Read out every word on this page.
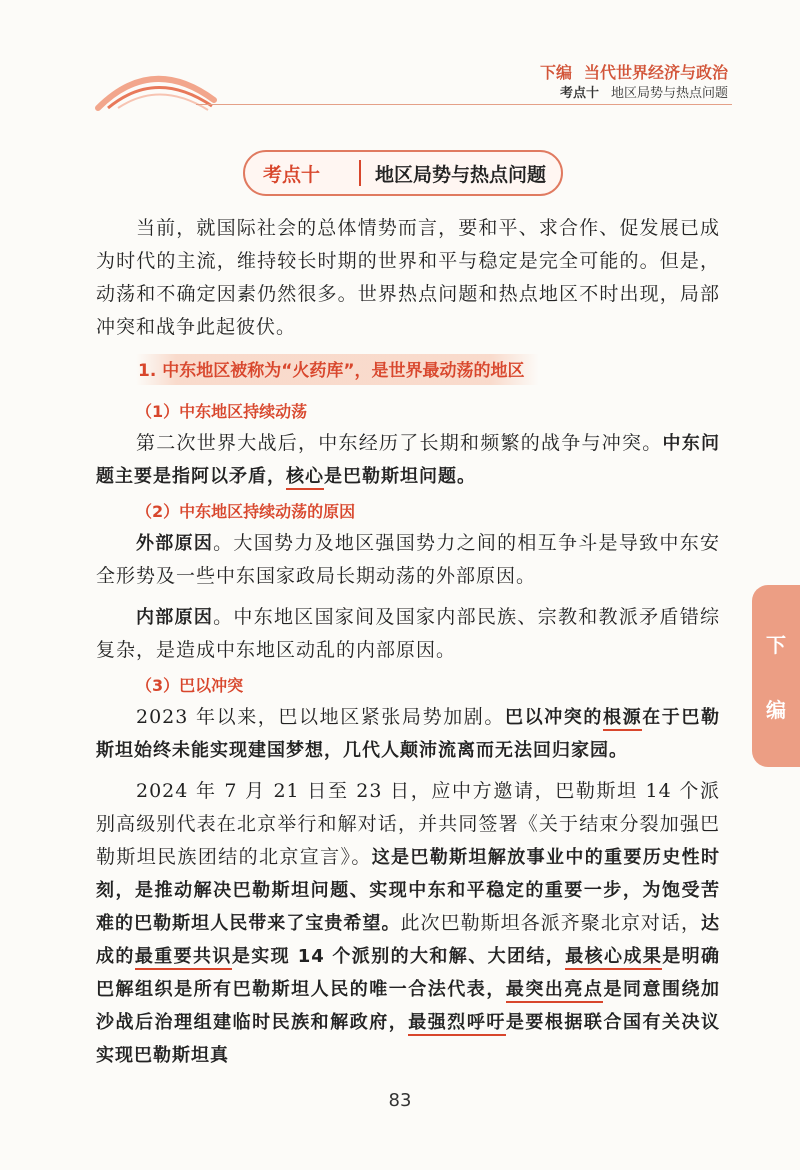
下编 当代世界经济与政治
考点十 地区局势与热点问题
考点十	地区局势与热点问题

当前，就国际社会的总体情势而言，要和平、求合作、促发展已成为时代的主流，维持较长时期的世界和平与稳定是完全可能的。但是，动荡和不确定因素仍然很多。世界热点问题和热点地区不时出现，局部冲突和战争此起彼伏。

1. 中东地区被称为“火药库”，是世界最动荡的地区
（1）中东地区持续动荡

第二次世界大战后，中东经历了长期和频繁的战争与冲突。中东问题主要是指阿以矛盾，核心是巴勒斯坦问题。

（2）中东地区持续动荡的原因

外部原因。大国势力及地区强国势力之间的相互争斗是导致中东安全形势及一些中东国家政局长期动荡的外部原因。

内部原因。中东地区国家间及国家内部民族、宗教和教派矛盾错综复杂，是造成中东地区动乱的内部原因。

（3）巴以冲突

2023 年以来，巴以地区紧张局势加剧。巴以冲突的根源在于巴勒斯坦始终未能实现建国梦想，几代人颠沛流离而无法回归家园。

2024 年 7 月 21 日至 23 日，应中方邀请，巴勒斯坦 14 个派别高级别代表在北京举行和解对话，并共同签署《关于结束分裂加强巴勒斯坦民族团结的北京宣言》。这是巴勒斯坦解放事业中的重要历史性时刻，是推动解决巴勒斯坦问题、实现中东和平稳定的重要一步，为饱受苦难的巴勒斯坦人民带来了宝贵希望。此次巴勒斯坦各派齐聚北京对话，达成的最重要共识是实现 14 个派别的大和解、大团结，最核心成果是明确巴解组织是所有巴勒斯坦人民的唯一合法代表，最突出亮点是同意围绕加沙战后治理组建临时民族和解政府，最强烈呼吁是要根据联合国有关决议实现巴勒斯坦真

下
编
83
